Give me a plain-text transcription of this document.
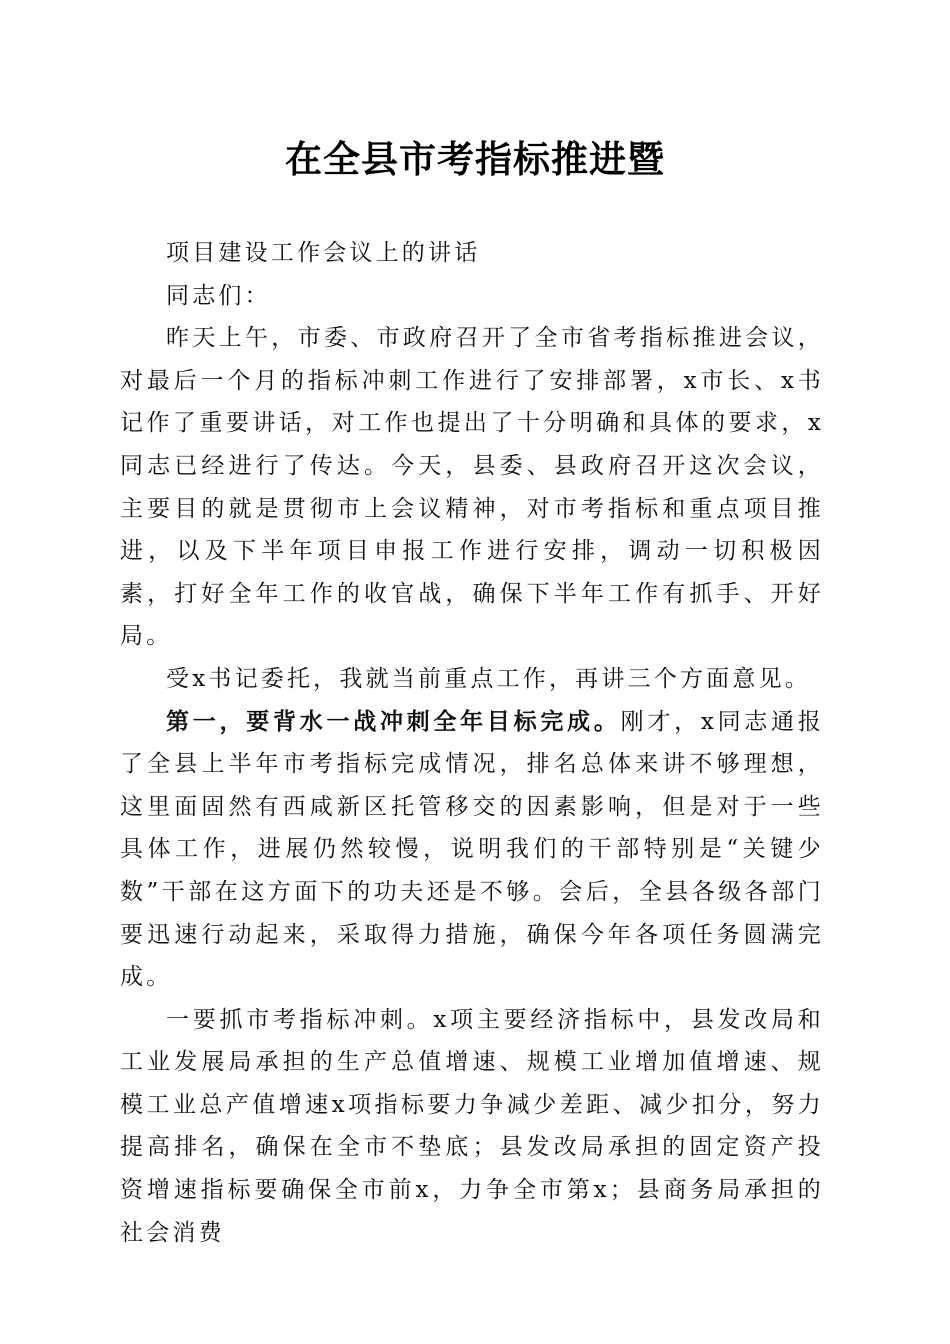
在全县市考指标推进暨

项目建设工作会议上的讲话

同志们：

昨天上午，市委、市政府召开了全市省考指标推进会议，对最后一个月的指标冲刺工作进行了安排部署，x市长、x书记作了重要讲话，对工作也提出了十分明确和具体的要求，x同志已经进行了传达。今天，县委、县政府召开这次会议，主要目的就是贯彻市上会议精神，对市考指标和重点项目推进，以及下半年项目申报工作进行安排，调动一切积极因素，打好全年工作的收官战，确保下半年工作有抓手、开好局。

受x书记委托，我就当前重点工作，再讲三个方面意见。

第一，要背水一战冲刺全年目标完成。刚才，x同志通报了全县上半年市考指标完成情况，排名总体来讲不够理想，这里面固然有西咸新区托管移交的因素影响，但是对于一些具体工作，进展仍然较慢，说明我们的干部特别是“关键少数”干部在这方面下的功夫还是不够。会后，全县各级各部门要迅速行动起来，采取得力措施，确保今年各项任务圆满完成。

一要抓市考指标冲刺。x项主要经济指标中，县发改局和工业发展局承担的生产总值增速、规模工业增加值增速、规模工业总产值增速x项指标要力争减少差距、减少扣分，努力提高排名，确保在全市不垫底；县发改局承担的固定资产投资增速指标要确保全市前x，力争全市第x；县商务局承担的社会消费
